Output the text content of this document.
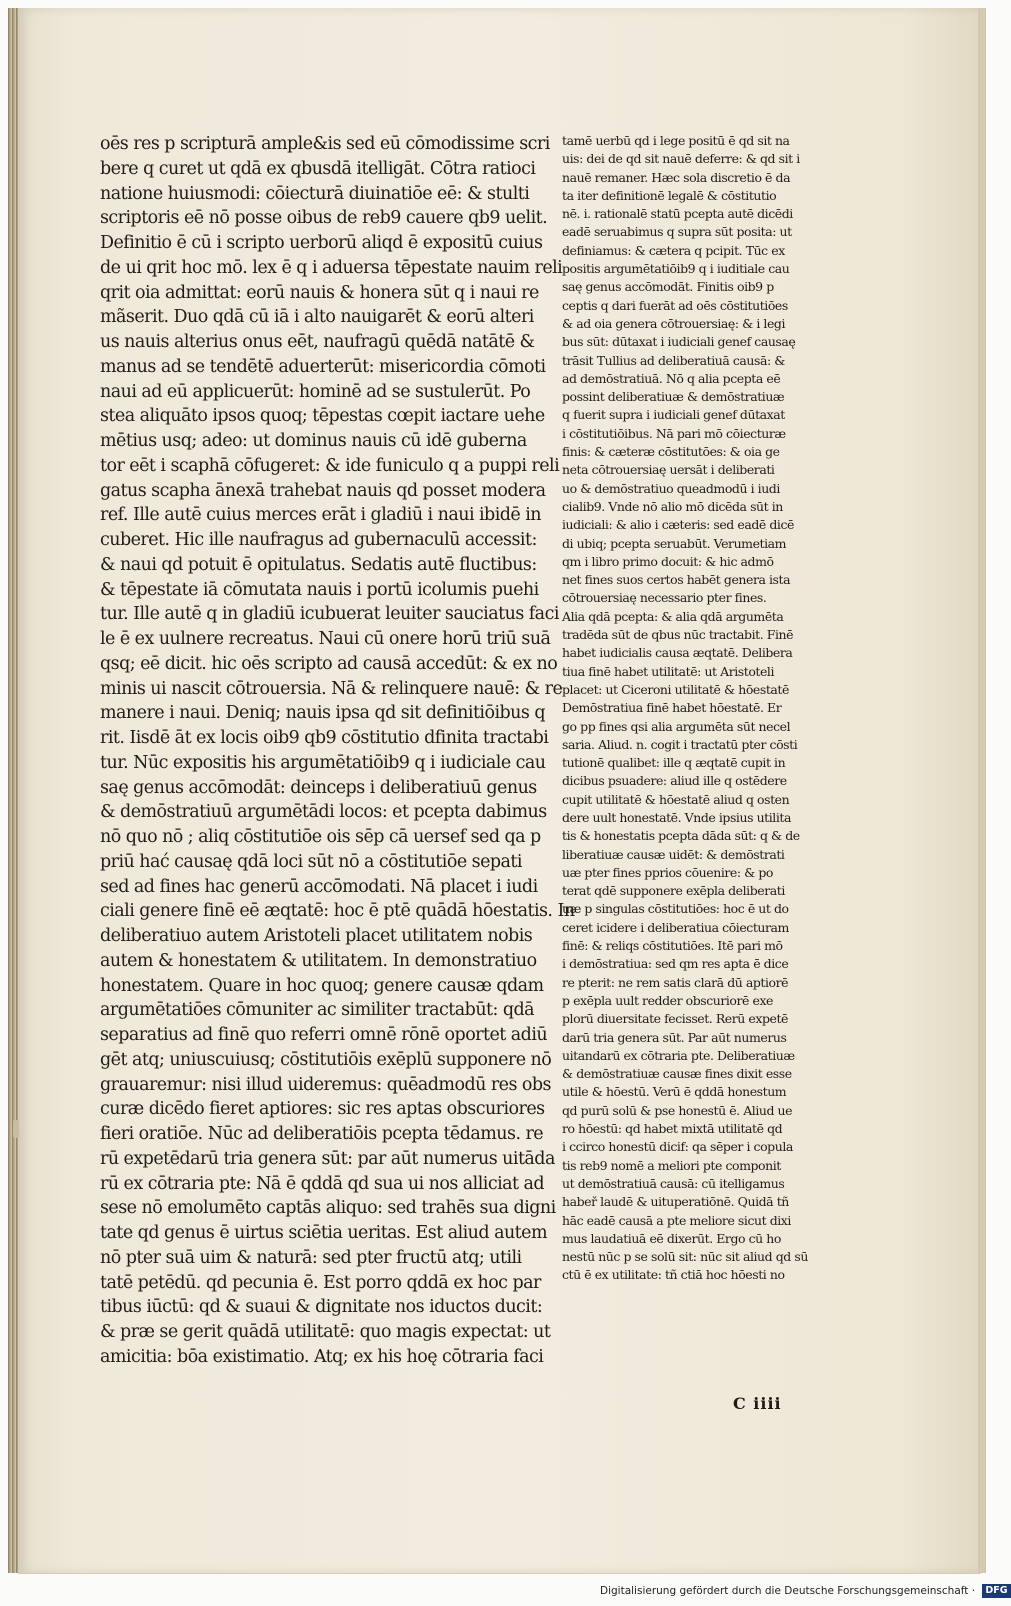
oēs res p scripturā ample&is sed eū cōmodissime scri
bere q curet ut qdā ex qbusdā itelligāt. Cōtra ratioci
natione huiusmodi: cōiecturā diuinatiōe eē: & stulti
scriptoris eē nō posse oibus de reb9 cauere qb9 uelit.
Definitio ē cū i scripto uerborū aliqd ē expositū cuius
de ui qrit hoc mō. lex ē q i aduersa tēpestate nauim reli
qrit oia admittat: eorū nauis & honera sūt q i naui re
mãserit. Duo qdā cū iā i alto nauigarēt & eorū alteri
us nauis alterius onus eēt, naufragū quēdā natātē &
manus ad se tendētē aduerterūt: misericordia cōmoti
naui ad eū applicuerūt: hominē ad se sustulerūt. Po
stea aliquāto ipsos quoq; tēpestas cœpit iactare uehe
mētius usq; adeo: ut dominus nauis cū idē guberna
tor eēt i scaphā cōfugeret: & ide funiculo q a puppi reli
gatus scapha ānexā trahebat nauis qd posset modera
ref. Ille autē cuius merces erāt i gladiū i naui ibidē in
cuberet. Hic ille naufragus ad gubernaculū accessit:
& naui qd potuit ē opitulatus. Sedatis autē fluctibus:
& tēpestate iā cōmutata nauis i portū icolumis puehi
tur. Ille autē q in gladiū icubuerat leuiter sauciatus faci
le ē ex uulnere recreatus. Naui cū onere horū triū suā
qsq; eē dicit. hic oēs scripto ad causā accedūt: & ex no
minis ui nascit cōtrouersia. Nā & relinquere nauē: & re
manere i naui. Deniq; nauis ipsa qd sit definitiōibus q
rit. Iisdē āt ex locis oib9 qb9 cōstitutio dfinita tractabi
tur. Nūc expositis his argumētatiōib9 q i iudiciale cau
saę genus accōmodāt: deinceps i deliberatiuū genus
& demōstratiuū argumētādi locos: et pcepta dabimus
nō quo nō ; aliq cōstitutiōe ois sēp cā uersef sed qa p
priū hać causaę qdā loci sūt nō a cōstitutiōe sepati
sed ad fines hac generū accōmodati. Nā placet i iudi
ciali genere finē eē æqtatē: hoc ē ptē quādā hōestatis. In
deliberatiuo autem Aristoteli placet utilitatem nobis
autem & honestatem & utilitatem. In demonstratiuo
honestatem. Quare in hoc quoq; genere causæ qdam
argumētatiōes cōmuniter ac similiter tractabūt: qdā
separatius ad finē quo referri omnē rōnē oportet adiū
gēt atq; uniuscuiusq; cōstitutiōis exēplū supponere nō
grauaremur: nisi illud uideremus: quēadmodū res obs
curæ dicēdo fieret aptiores: sic res aptas obscuriores
fieri oratiōe. Nūc ad deliberatiōis pcepta tēdamus. re
rū expetēdarū tria genera sūt: par aūt numerus uitāda
rū ex cōtraria pte: Nā ē qddā qd sua ui nos alliciat ad
sese nō emolumēto captās aliquo: sed trahēs sua digni
tate qd genus ē uirtus sciētia ueritas. Est aliud autem
nō pter suā uim & naturā: sed pter fructū atq; utili
tatē petēdū. qd pecunia ē. Est porro qddā ex hoc par
tibus iūctū: qd & suaui & dignitate nos iductos ducit:
& præ se gerit quādā utilitatē: quo magis expectat: ut
amicitia: bōa existimatio. Atq; ex his hoę cōtraria faci
tamē uerbū qd i lege positū ē qd sit na
uis: dei de qd sit nauē deferre: & qd sit i
nauē remaner. Hæc sola discretio ē da
ta iter definitionē legalē & cōstitutio
nē. i. rationalē statū pcepta autē dicēdi
eadē seruabimus q supra sūt posita: ut
definiamus: & cætera q pcipit. Tūc ex
positis argumētatiōib9 q i iuditiale cau
saę genus accōmodāt. Finitis oib9 p
ceptis q dari fuerāt ad oēs cōstitutiōes
& ad oia genera cōtrouersiaę: & i legi
bus sūt: dūtaxat i iudiciali genef causaę
trāsit Tullius ad deliberatiuā causā: &
ad demōstratiuā. Nō q alia pcepta eē
possint deliberatiuæ & demōstratiuæ
q fuerit supra i iudiciali genef dūtaxat
i cōstitutiōibus. Nā pari mō cōiecturæ
finis: & cæteræ cōstitutōes: & oia ge
neta cōtrouersiaę uersāt i deliberati
uo & demōstratiuo queadmodū i iudi
cialib9. Vnde nō alio mō dicēda sūt in
iudiciali: & alio i cæteris: sed eadē dicē
di ubiq; pcepta seruabūt. Verumetiam
qm i libro primo docuit: & hic admō
net fines suos certos habēt genera ista
cōtrouersiaę necessario pter fines.
Alia qdā pcepta: & alia qdā argumēta
tradēda sūt de qbus nūc tractabit. Finē
habet iudicialis causa æqtatē. Delibera
tiua finē habet utilitatē: ut Aristoteli
placet: ut Ciceroni utilitatē & hōestatē
Demōstratiua finē habet hōestatē. Er
go pp fines qsi alia argumēta sūt necel
saria. Aliud. n. cogit i tractatū pter cōsti
tutionē qualibet: ille q æqtatē cupit in
dicibus psuadere: aliud ille q ostēdere
cupit utilitatē & hōestatē aliud q osten
dere uult honestatē. Vnde ipsius utilita
tis & honestatis pcepta dāda sūt: q & de
liberatiuæ causæ uidēt: & demōstrati
uæ pter fines pprios cōuenire: & po
terat qdē supponere exēpla deliberati
uæ p singulas cōstitutiōes: hoc ē ut do
ceret icidere i deliberatiua cōiecturam
finē: & reliqs cōstitutiōes. Itē pari mō
i demōstratiua: sed qm res apta ē dice
re pterit: ne rem satis clarā dū aptiorē
p exēpla uult redder obscuriorē exe
plorū diuersitate fecisset. Rerū expetē
darū tria genera sūt. Par aūt numerus
uitandarū ex cōtraria pte. Deliberatiuæ
& demōstratiuæ causæ fines dixit esse
utile & hōestū. Verū ē qddā honestum
qd purū solū & pse honestū ē. Aliud ue
ro hōestū: qd habet mixtā utilitatē qd
i ccirco honestū dicif: qa sēper i copula
tis reb9 nomē a meliori pte componit
ut demōstratiuā causā: cū itelligamus
habeř laudē & uituperatiōnē. Quidā tñ
hāc eadē causā a pte meliore sicut dixi
mus laudatiuā eē dixerūt. Ergo cū ho
nestū nūc p se solū sit: nūc sit aliud qd sū
ctū ē ex utilitate: tñ ctiā hoc hōesti no
C iiii
Digitalisierung gefördert durch die Deutsche Forschungsgemeinschaft · DFG
